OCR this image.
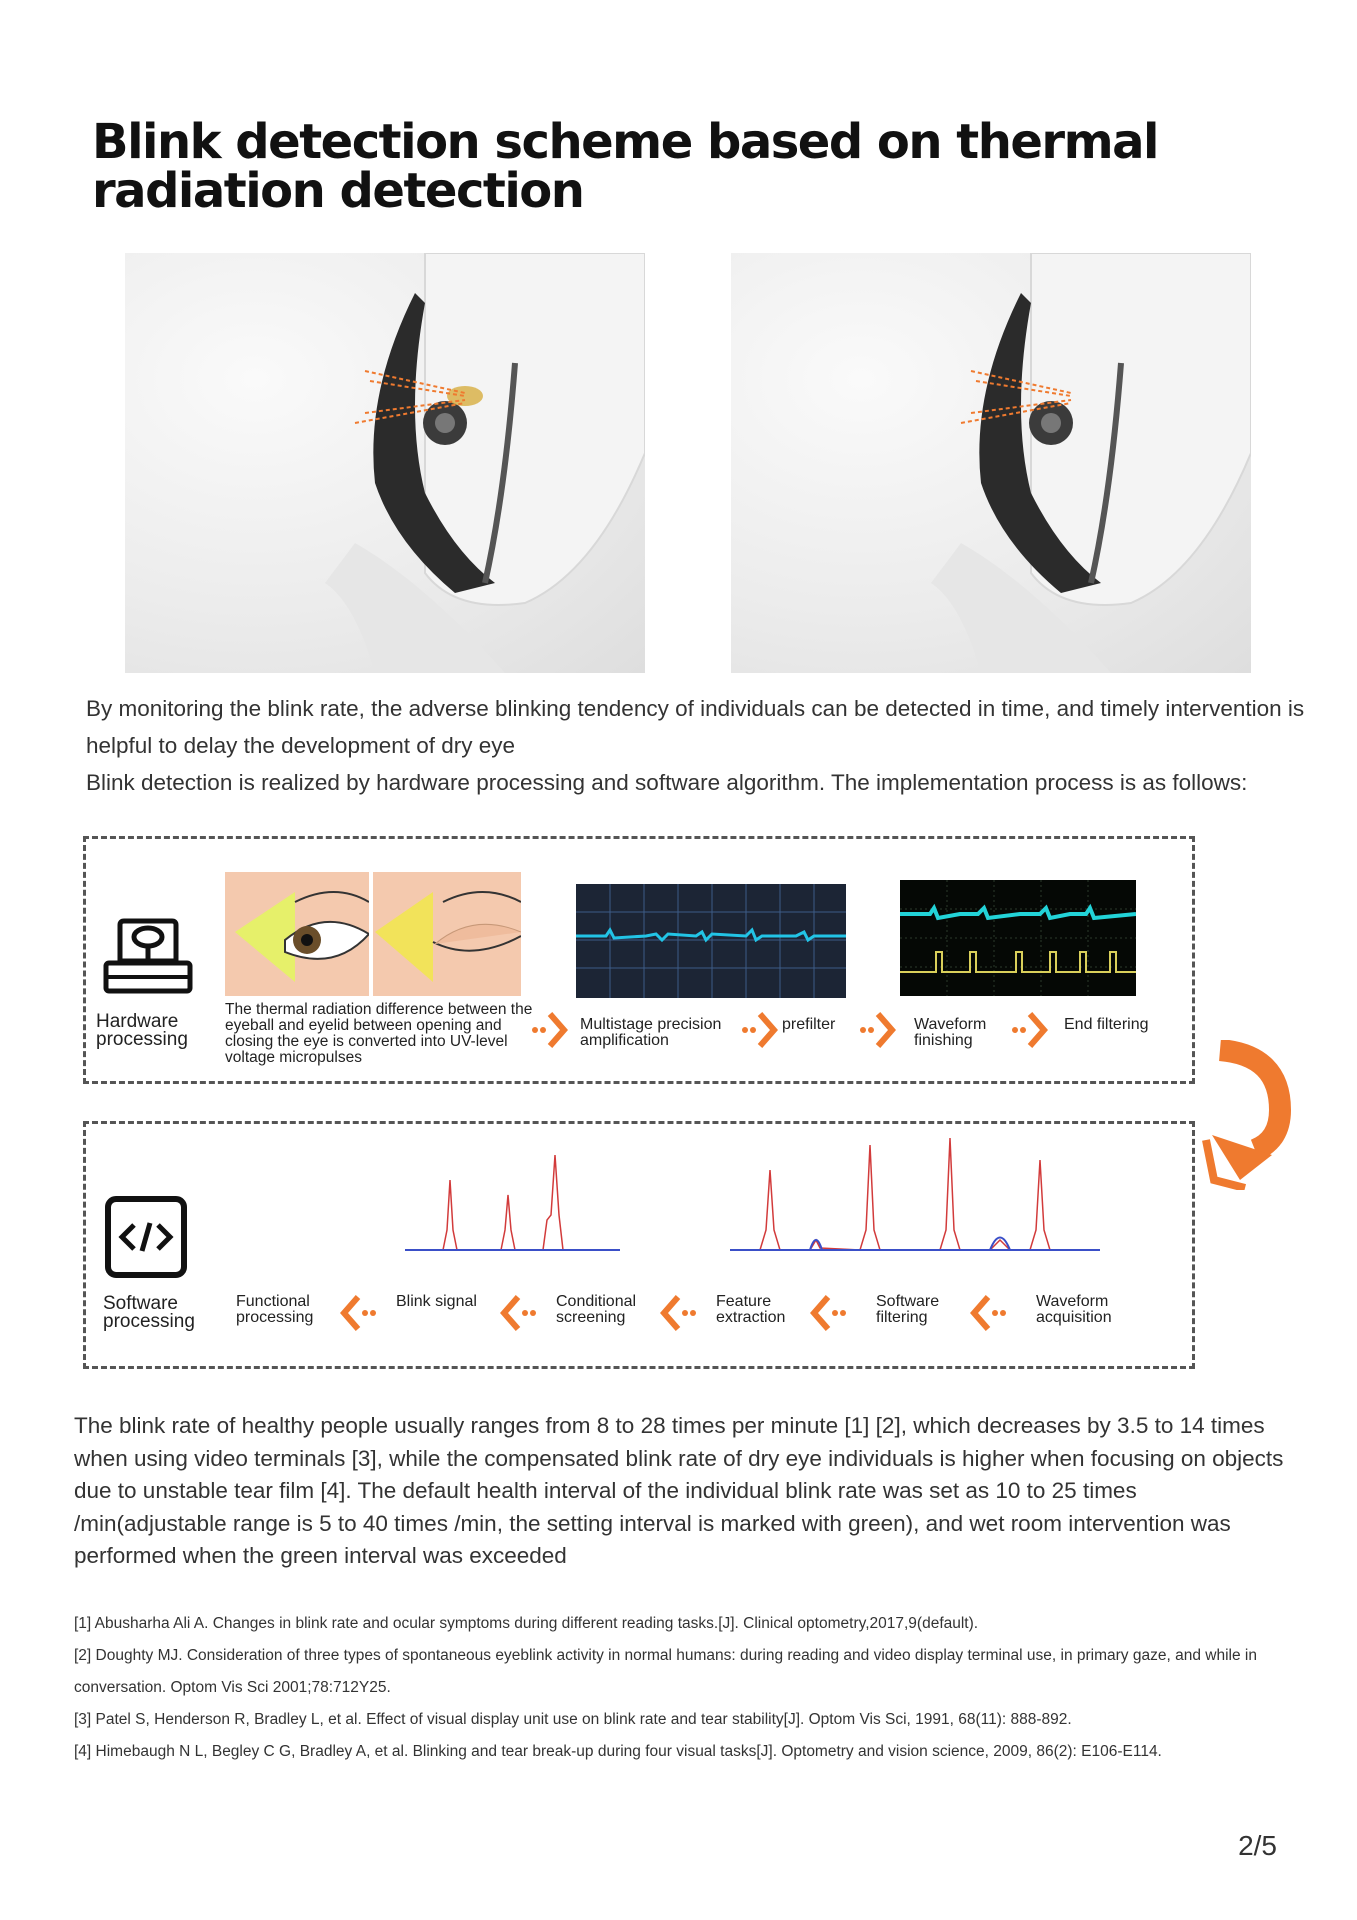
Blink detection scheme based on thermal radiation detection

By monitoring the blink rate, the adverse blinking tendency of individuals can be detected in time, and timely intervention is helpful to delay the development of dry eye

Blink detection is realized by hardware processing and software algorithm. The implementation process is as follows:

Hardware processing
The thermal radiation difference between the eyeball and eyelid between opening and closing the eye is converted into UV-level voltage micropulses
Multistage precision amplification
prefilter	Waveform finishing
End filtering
Software processing
Functional processing
Blink signal	Conditional screening
Feature extraction
Software filtering
Waveform acquisition
The blink rate of healthy people usually ranges from 8 to 28 times per minute [1] [2], which decreases by 3.5 to 14 times when using video terminals [3], while the compensated blink rate of dry eye individuals is higher when focusing on objects due to unstable tear film [4]. The default health interval of the individual blink rate was set as 10 to 25 times /min(adjustable range is 5 to 40 times /min, the setting interval is marked with green), and wet room intervention was performed when the green interval was exceeded

[1] Abusharha Ali A. Changes in blink rate and ocular symptoms during different reading tasks.[J]. Clinical optometry,2017,9(default).

[2] Doughty MJ. Consideration of three types of spontaneous eyeblink activity in normal humans: during reading and video display terminal use, in primary gaze, and while in conversation. Optom Vis Sci 2001;78:712Y25.

[3] Patel S, Henderson R, Bradley L, et al. Effect of visual display unit use on blink rate and tear stability[J]. Optom Vis Sci, 1991, 68(11): 888-892.

[4] Himebaugh N L, Begley C G, Bradley A, et al. Blinking and tear break-up during four visual tasks[J]. Optometry and vision science, 2009, 86(2): E106-E114.

2/5
